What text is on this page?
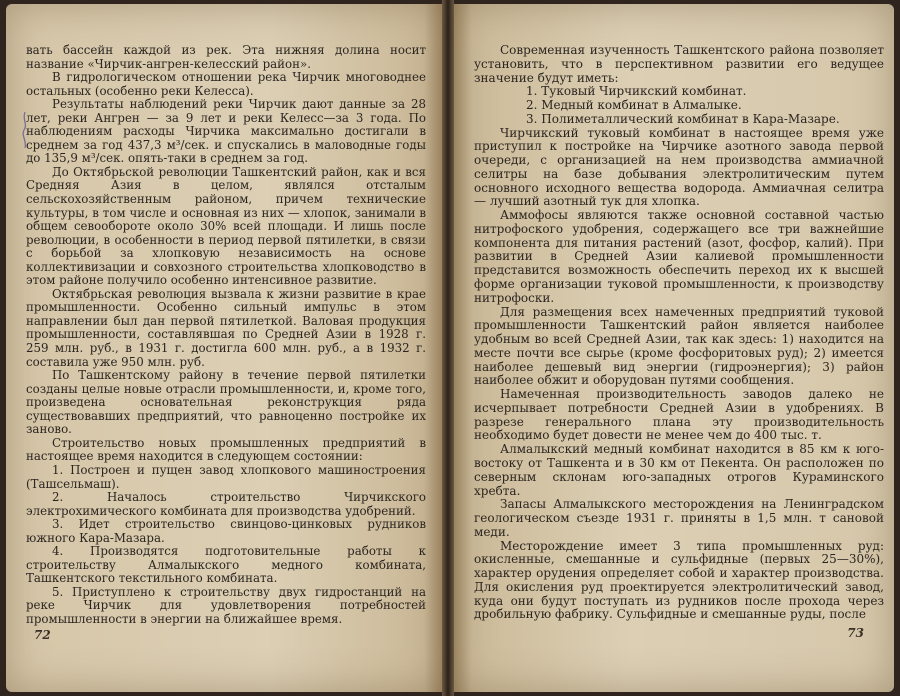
вать бассейн каждой из рек. Эта нижняя долина носит название «Чирчик-ангрен-келесский район».

В гидрологическом отношении река Чирчик многоводнее остальных (особенно реки Келесса).

Результаты наблюдений реки Чирчик дают данные за 28 лет, реки Ангрен — за 9 лет и реки Келесс—за 3 года. По наблюдениям расходы Чирчика максимально достигали в среднем за год 437,3 м³/сек. и спускались в маловодные годы до 135,9 м³/сек. опять-таки в среднем за год.

До Октябрьской революции Ташкентский район, как и вся Средняя Азия в целом, являлся отсталым сельскохозяйственным районом, причем технические культуры, в том числе и основная из них — хлопок, занимали в общем севообороте около 30% всей площади. И лишь после революции, в особенности в период первой пятилетки, в связи с борьбой за хлопковую независимость на основе коллективизации и совхозного строительства хлопководство в этом районе получило особенно интенсивное развитие.

Октябрьская революция вызвала к жизни развитие в крае промышленности. Особенно сильный импульс в этом направлении был дан первой пятилеткой. Валовая продукция промышленности, составлявшая по Средней Азии в 1928 г. 259 млн. руб., в 1931 г. достигла 600 млн. руб., а в 1932 г. составила уже 950 млн. руб.

По Ташкентскому району в течение первой пятилетки созданы целые новые отрасли промышленности, и, кроме того, произведена основательная реконструкция ряда существовавших предприятий, что равноценно постройке их заново.

Строительство новых промышленных предприятий в настоящее время находится в следующем состоянии:

1. Построен и пущен завод хлопкового машиностроения (Ташсельмаш).

2. Началось строительство Чирчикского электрохимического комбината для производства удобрений.

3. Идет строительство свинцово-цинковых рудников южного Кара-Мазара.

4. Производятся подготовительные работы к строительству Алмалыкского медного комбината, Ташкентского текстильного комбината.

5. Приступлено к строительству двух гидростанций на реке Чирчик для удовлетворения потребностей промышленности в энергии на ближайшее время.

72

Современная изученность Ташкентского района позволяет установить, что в перспективном развитии его ведущее значение будут иметь:

1. Туковый Чирчикский комбинат.

2. Медный комбинат в Алмалыке.

3. Полиметаллический комбинат в Кара-Мазаре.

Чирчикский туковый комбинат в настоящее время уже приступил к постройке на Чирчике азотного завода первой очереди, с организацией на нем производства аммиачной селитры на базе добывания электролитическим путем основного исходного вещества водорода. Аммиачная селитра — лучший азотный тук для хлопка.

Аммофосы являются также основной составной частью нитрофоского удобрения, содержащего все три важнейшие компонента для питания растений (азот, фосфор, калий). При развитии в Средней Азии калиевой промышленности представится возможность обеспечить переход их к высшей форме организации туковой промышленности, к производству нитрофоски.

Для размещения всех намеченных предприятий туковой промышленности Ташкентский район является наиболее удобным во всей Средней Азии, так как здесь: 1) находится на месте почти все сырье (кроме фосфоритовых руд); 2) имеется наиболее дешевый вид энергии (гидроэнергия); 3) район наиболее обжит и оборудован путями сообщения.

Намеченная производительность заводов далеко не исчерпывает потребности Средней Азии в удобрениях. В разрезе генерального плана эту производительность необходимо будет довести не менее чем до 400 тыс. т.

Алмалыкский медный комбинат находится в 85 км к юго-востоку от Ташкента и в 30 км от Пекента. Он расположен по северным склонам юго-западных отрогов Кураминского хребта.

Запасы Алмалыкского месторождения на Ленинградском геологическом съезде 1931 г. приняты в 1,5 млн. т сановой меди.

Месторождение имеет 3 типа промышленных руд: окисленные, смешанные и сульфидные (первых 25—30%), характер орудения определяет собой и характер производства. Для окисления руд проектируется электролитический завод, куда они будут поступать из рудников после прохода через дробильную фабрику. Сульфидные и смешанные руды, после

73
